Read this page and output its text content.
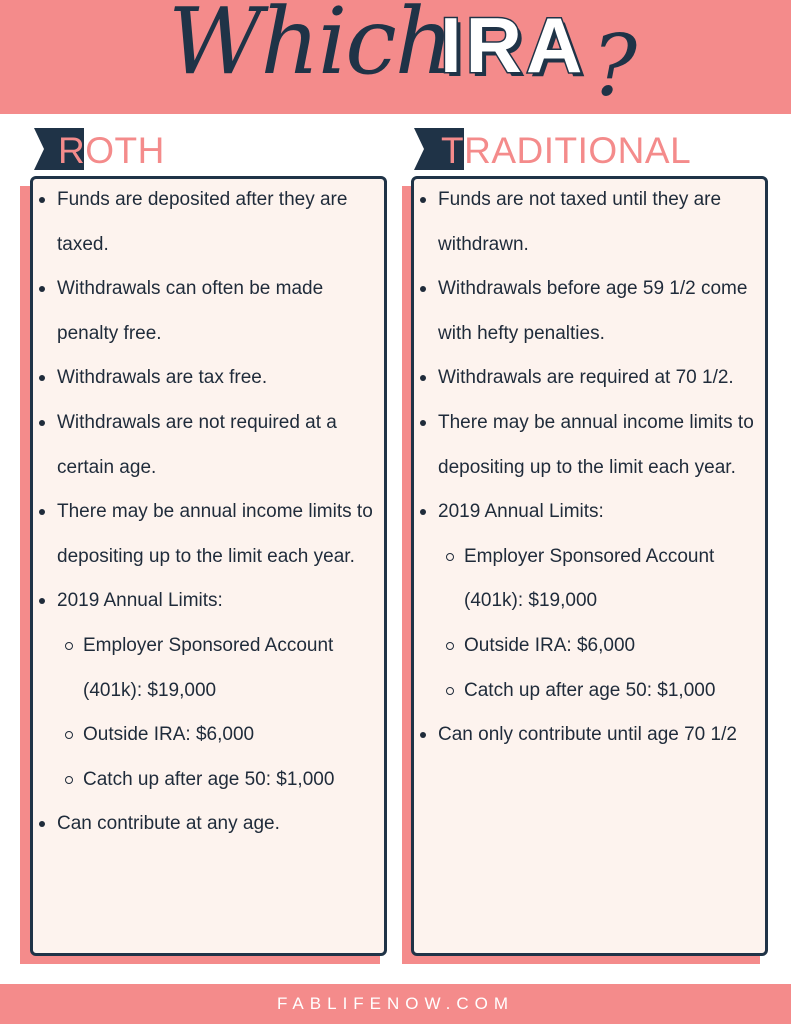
Which
IRA ?
ROTH
Funds are deposited after they are taxed.
Withdrawals can often be made penalty free.
Withdrawals are tax free.
Withdrawals are not required at a certain age.
There may be annual income limits to depositing up to the limit each year.
2019 Annual Limits:
Employer Sponsored Account (401k): $19,000
Outside IRA: $6,000
Catch up after age 50: $1,000
Can contribute at any age.
TRADITIONAL
Funds are not taxed until they are withdrawn.
Withdrawals before age 59 1/2 come with hefty penalties.
Withdrawals are required at 70 1/2.
There may be annual income limits to depositing up to the limit each year.
2019 Annual Limits:
Employer Sponsored Account (401k): $19,000
Outside IRA: $6,000
Catch up after age 50: $1,000
Can only contribute until age 70 1/2
FABLIFENOW.COM
